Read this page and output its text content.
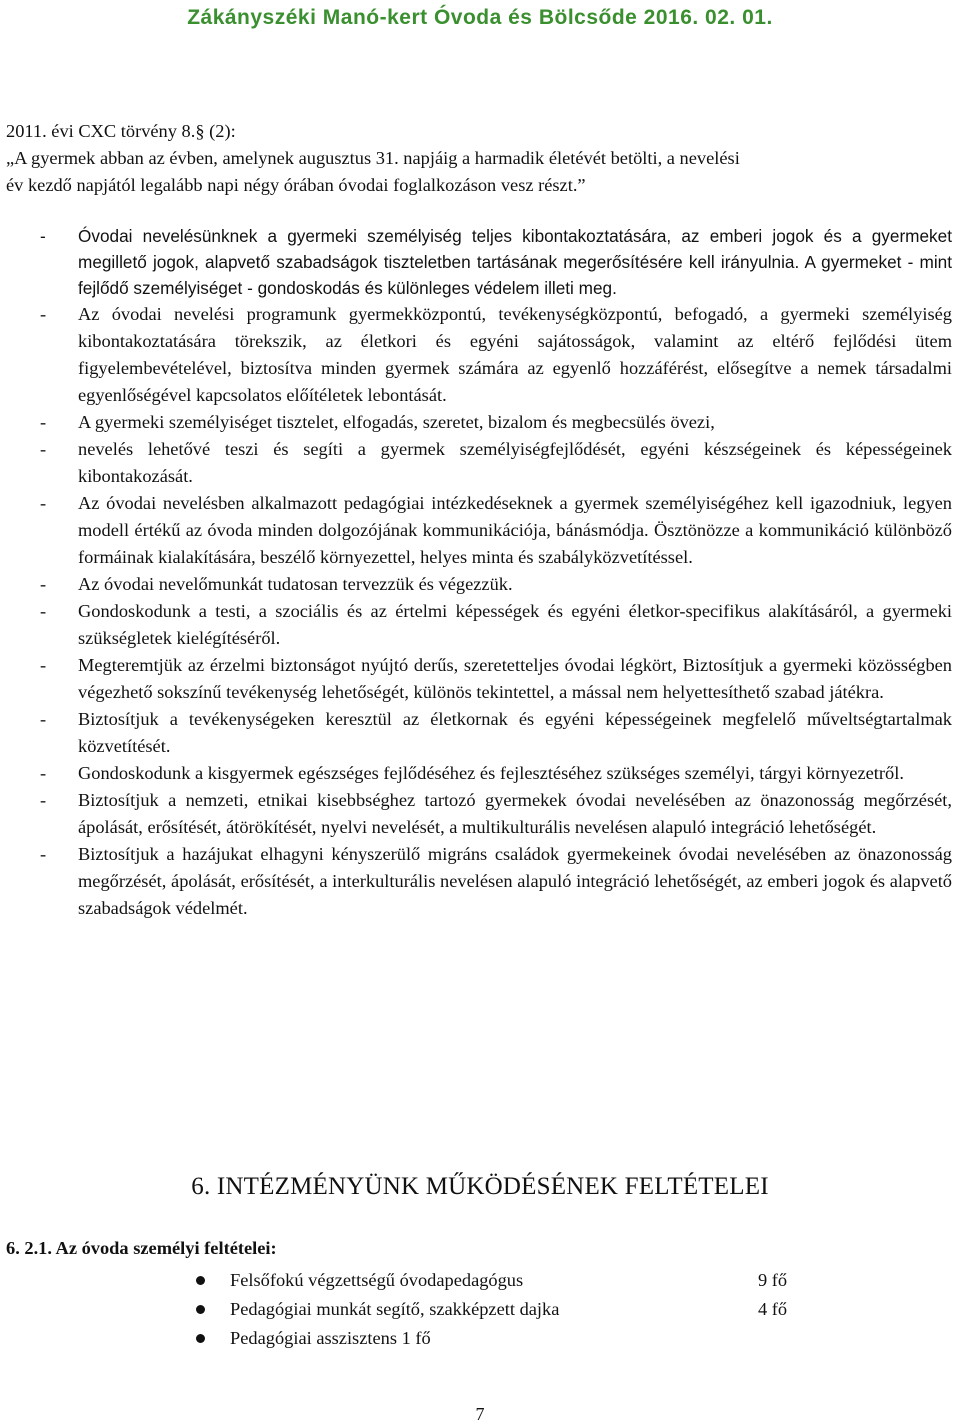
Zákányszéki Manó-kert Óvoda és Bölcsőde 2016. 02. 01.
2011. évi CXC törvény 8.§ (2):
„A gyermek abban az évben, amelynek augusztus 31. napjáig a harmadik életévét betölti, a nevelési
év kezdő napjától legalább napi négy órában óvodai foglalkozáson vesz részt.”
- Óvodai nevelésünknek a gyermeki személyiség teljes kibontakoztatására, az emberi jogok és a gyermeket megillető jogok, alapvető szabadságok tiszteletben tartásának megerősítésére kell irányulnia. A gyermeket - mint fejlődő személyiséget - gondoskodás és különleges védelem illeti meg.
- Az óvodai nevelési programunk gyermekközpontú, tevékenységközpontú, befogadó, a gyermeki személyiség kibontakoztatására törekszik, az életkori és egyéni sajátosságok, valamint az eltérő fejlődési ütem figyelembevételével, biztosítva minden gyermek számára az egyenlő hozzáférést, elősegítve a nemek társadalmi egyenlőségével kapcsolatos előítéletek lebontását.
- A gyermeki személyiséget tisztelet, elfogadás, szeretet, bizalom és megbecsülés övezi,
- nevelés lehetővé teszi és segíti a gyermek személyiségfejlődését, egyéni készségeinek és képességeinek kibontakozását.
- Az óvodai nevelésben alkalmazott pedagógiai intézkedéseknek a gyermek személyiségéhez kell igazodniuk, legyen modell értékű az óvoda minden dolgozójának kommunikációja, bánásmódja. Ösztönözze a kommunikáció különböző formáinak kialakítására, beszélő környezettel, helyes minta és szabályközvetítéssel.
- Az óvodai nevelőmunkát tudatosan tervezzük és végezzük.
- Gondoskodunk a testi, a szociális és az értelmi képességek és egyéni életkor-specifikus alakításáról, a gyermeki szükségletek kielégítéséről.
- Megteremtjük az érzelmi biztonságot nyújtó derűs, szeretetteljes óvodai légkört, Biztosítjuk a gyermeki közösségben végezhető sokszínű tevékenység lehetőségét, különös tekintettel, a mással nem helyettesíthető szabad játékra.
- Biztosítjuk a tevékenységeken keresztül az életkornak és egyéni képességeinek megfelelő műveltségtartalmak közvetítését.
- Gondoskodunk a kisgyermek egészséges fejlődéséhez és fejlesztéséhez szükséges személyi, tárgyi környezetről.
- Biztosítjuk a nemzeti, etnikai kisebbséghez tartozó gyermekek óvodai nevelésében az önazonosság megőrzését, ápolását, erősítését, átörökítését, nyelvi nevelését, a multikulturális nevelésen alapuló integráció lehetőségét.
- Biztosítjuk a hazájukat elhagyni kényszerülő migráns családok gyermekeinek óvodai nevelésében az önazonosság megőrzését, ápolását, erősítését, a interkulturális nevelésen alapuló integráció lehetőségét, az emberi jogok és alapvető szabadságok védelmét.
6. INTÉZMÉNYÜNK MŰKÖDÉSÉNEK FELTÉTELEI
6. 2.1. Az óvoda személyi feltételei:
Felsőfokú végzettségű óvodapedagógus	9 fő
Pedagógiai munkát segítő, szakképzett dajka	4 fő
Pedagógiai asszisztens 1 fő
7
